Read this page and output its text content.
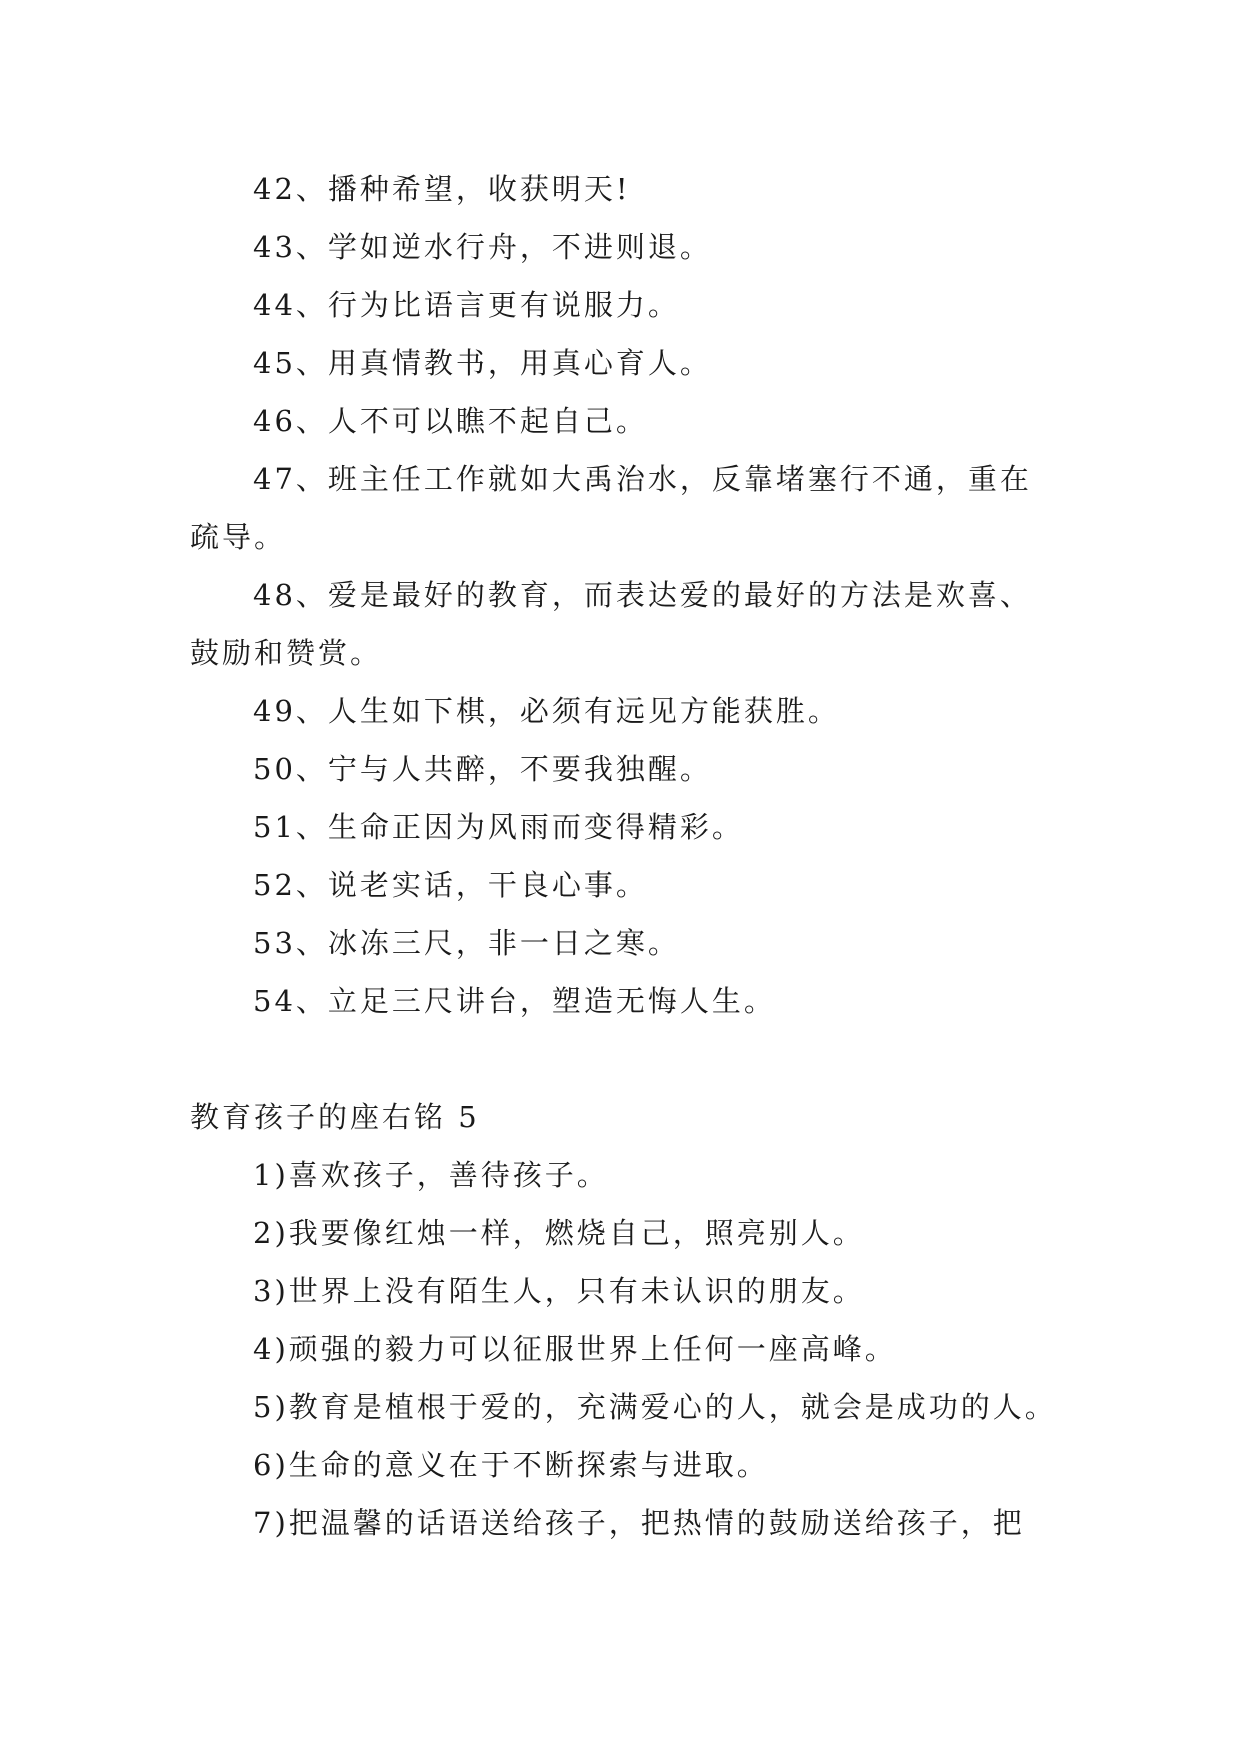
42、播种希望，收获明天!

43、学如逆水行舟，不进则退。

44、行为比语言更有说服力。

45、用真情教书，用真心育人。

46、人不可以瞧不起自己。

47、班主任工作就如大禹治水，反靠堵塞行不通，重在
疏导。
48、爱是最好的教育，而表达爱的最好的方法是欢喜、
鼓励和赞赏。

49、人生如下棋，必须有远见方能获胜。

50、宁与人共醉，不要我独醒。

51、生命正因为风雨而变得精彩。

52、说老实话，干良心事。

53、冰冻三尺，非一日之寒。

54、立足三尺讲台，塑造无悔人生。

教育孩子的座右铭 5

1)喜欢孩子，善待孩子。

2)我要像红烛一样，燃烧自己，照亮别人。

3)世界上没有陌生人，只有未认识的朋友。

4)顽强的毅力可以征服世界上任何一座高峰。

5)教育是植根于爱的，充满爱心的人，就会是成功的人。

6)生命的意义在于不断探索与进取。

7)把温馨的话语送给孩子，把热情的鼓励送给孩子，把
